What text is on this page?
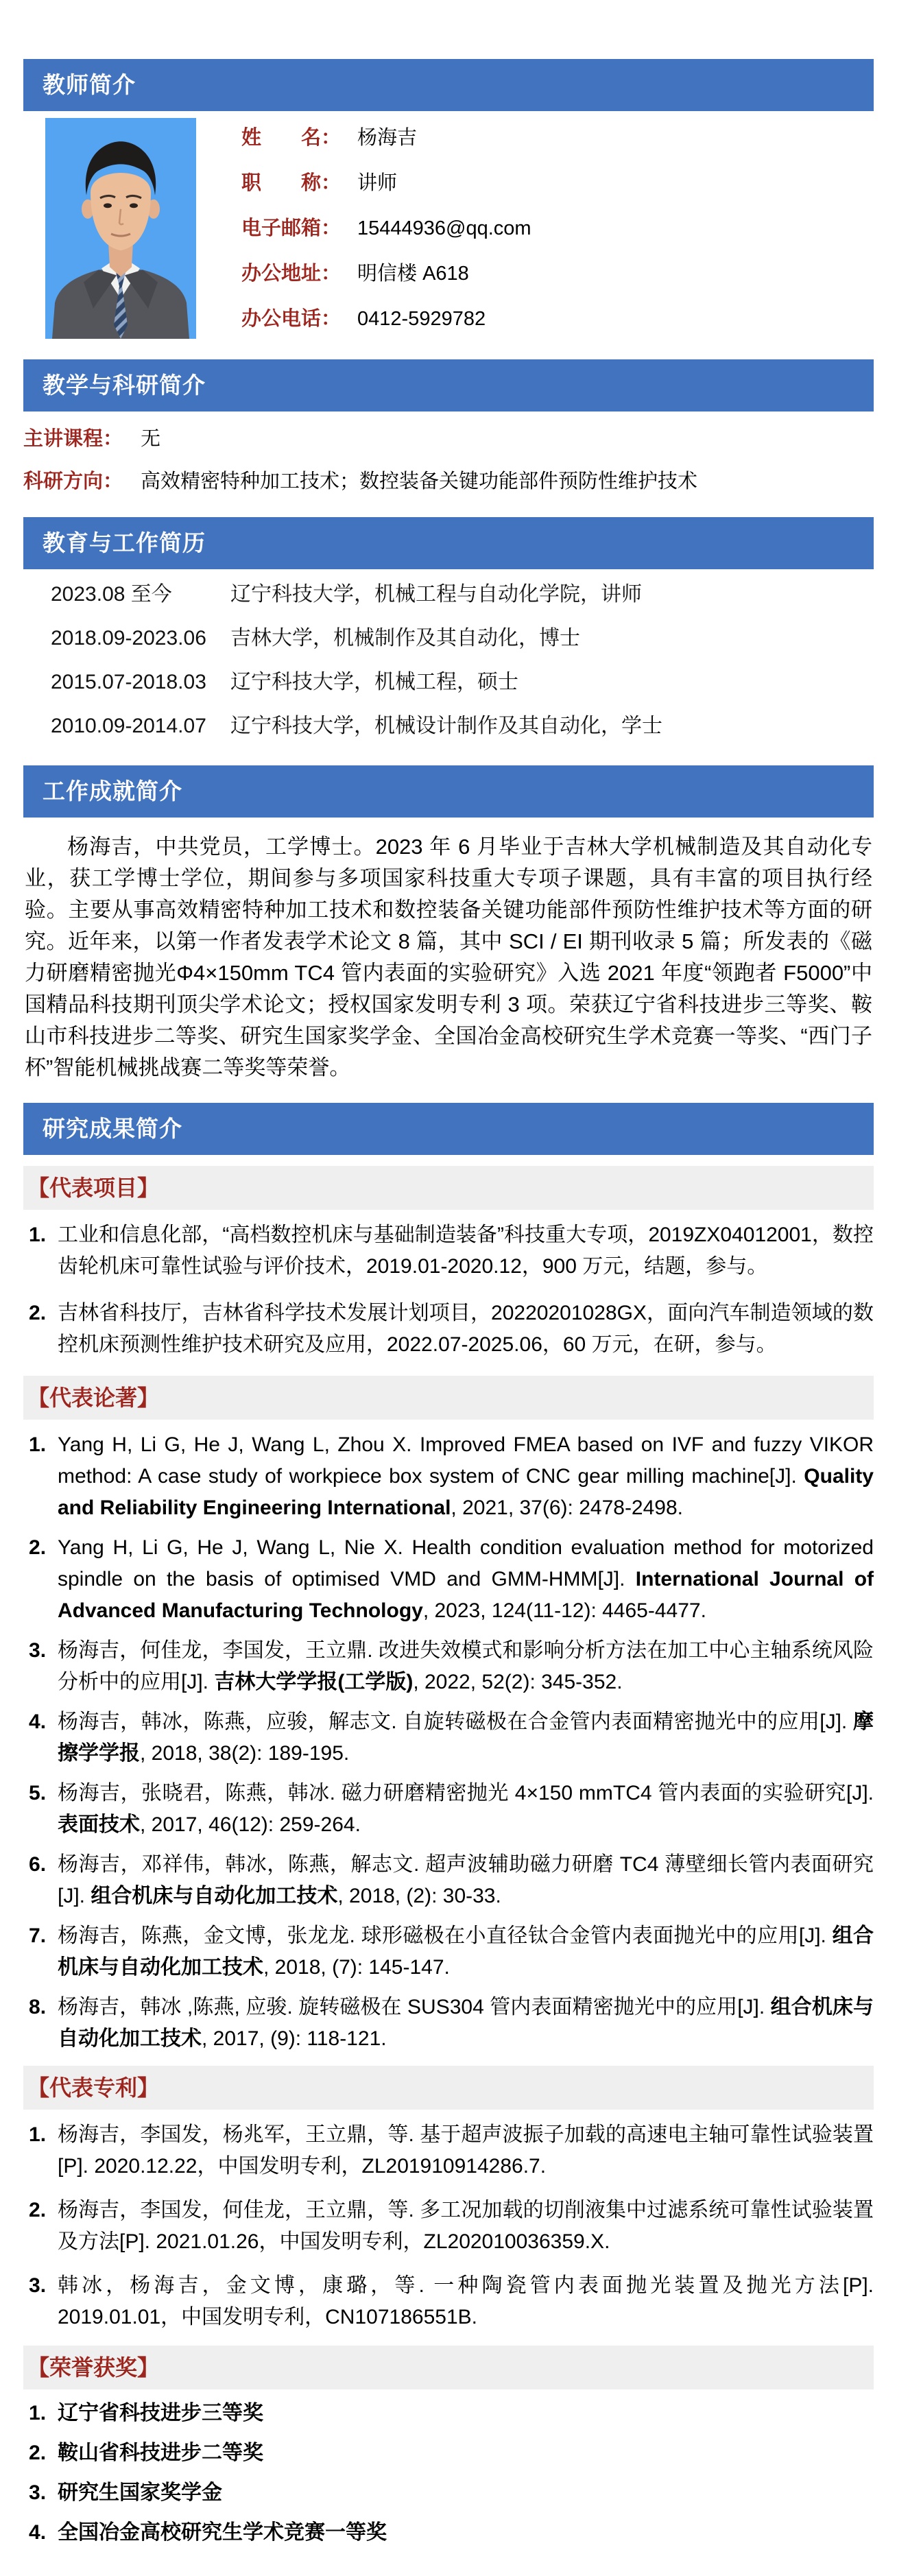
教师简介
姓　　名： 杨海吉
职　　称： 讲师
电子邮箱： 15444936@qq.com
办公地址： 明信楼 A618
办公电话： 0412-5929782
教学与科研简介
主讲课程： 无
科研方向： 高效精密特种加工技术；数控装备关键功能部件预防性维护技术
教育与工作简历
2023.08 至今	辽宁科技大学，机械工程与自动化学院，讲师
2018.09-2023.06	吉林大学，机械制作及其自动化，博士
2015.07-2018.03	辽宁科技大学，机械工程，硕士
2010.09-2014.07	辽宁科技大学，机械设计制作及其自动化，学士
工作成就简介

杨海吉，中共党员，工学博士。2023 年 6 月毕业于吉林大学机械制造及其自动化专业，获工学博士学位，期间参与多项国家科技重大专项子课题，具有丰富的项目执行经验。主要从事高效精密特种加工技术和数控装备关键功能部件预防性维护技术等方面的研究。近年来，以第一作者发表学术论文 8 篇，其中 SCI / EI 期刊收录 5 篇；所发表的《磁力研磨精密抛光Φ4×150mm TC4 管内表面的实验研究》入选 2021 年度“领跑者 F5000”中国精品科技期刊顶尖学术论文；授权国家发明专利 3 项。荣获辽宁省科技进步三等奖、鞍山市科技进步二等奖、研究生国家奖学金、全国冶金高校研究生学术竞赛一等奖、“西门子杯”智能机械挑战赛二等奖等荣誉。

研究成果简介
【代表项目】
工业和信息化部，“高档数控机床与基础制造装备”科技重大专项，2019ZX04012001，数控齿轮机床可靠性试验与评价技术，2019.01-2020.12，900 万元，结题，参与。
吉林省科技厅，吉林省科学技术发展计划项目，20220201028GX，面向汽车制造领域的数控机床预测性维护技术研究及应用，2022.07-2025.06，60 万元，在研，参与。
【代表论著】
Yang H, Li G, He J, Wang L, Zhou X. Improved FMEA based on IVF and fuzzy VIKOR method: A case study of workpiece box system of CNC gear milling machine[J]. Quality and Reliability Engineering International, 2021, 37(6): 2478-2498.
Yang H, Li G, He J, Wang L, Nie X. Health condition evaluation method for motorized spindle on the basis of optimised VMD and GMM-HMM[J]. International Journal of Advanced Manufacturing Technology, 2023, 124(11-12): 4465-4477.
杨海吉，何佳龙，李国发，王立鼎. 改进失效模式和影响分析方法在加工中心主轴系统风险分析中的应用[J]. 吉林大学学报(工学版), 2022, 52(2): 345-352.
杨海吉，韩冰，陈燕，应骏，解志文. 自旋转磁极在合金管内表面精密抛光中的应用[J]. 摩擦学学报, 2018, 38(2): 189-195.
杨海吉，张晓君，陈燕，韩冰. 磁力研磨精密抛光 4×150 mmTC4 管内表面的实验研究[J]. 表面技术, 2017, 46(12): 259-264.
杨海吉，邓祥伟，韩冰，陈燕，解志文. 超声波辅助磁力研磨 TC4 薄壁细长管内表面研究[J]. 组合机床与自动化加工技术, 2018, (2): 30-33.
杨海吉，陈燕，金文博，张龙龙. 球形磁极在小直径钛合金管内表面抛光中的应用[J]. 组合机床与自动化加工技术, 2018, (7): 145-147.
杨海吉，韩冰 ,陈燕, 应骏. 旋转磁极在 SUS304 管内表面精密抛光中的应用[J]. 组合机床与自动化加工技术, 2017, (9): 118-121.
【代表专利】
杨海吉，李国发，杨兆军，王立鼎，等. 基于超声波振子加载的高速电主轴可靠性试验装置[P]. 2020.12.22，中国发明专利，ZL201910914286.7.
杨海吉，李国发，何佳龙，王立鼎，等. 多工况加载的切削液集中过滤系统可靠性试验装置及方法[P]. 2021.01.26，中国发明专利，ZL202010036359.X.
韩冰，杨海吉，金文博，康璐，等. 一种陶瓷管内表面抛光装置及抛光方法[P]. 2019.01.01，中国发明专利，CN107186551B.
【荣誉获奖】
辽宁省科技进步三等奖
鞍山省科技进步二等奖
研究生国家奖学金
全国冶金高校研究生学术竞赛一等奖
